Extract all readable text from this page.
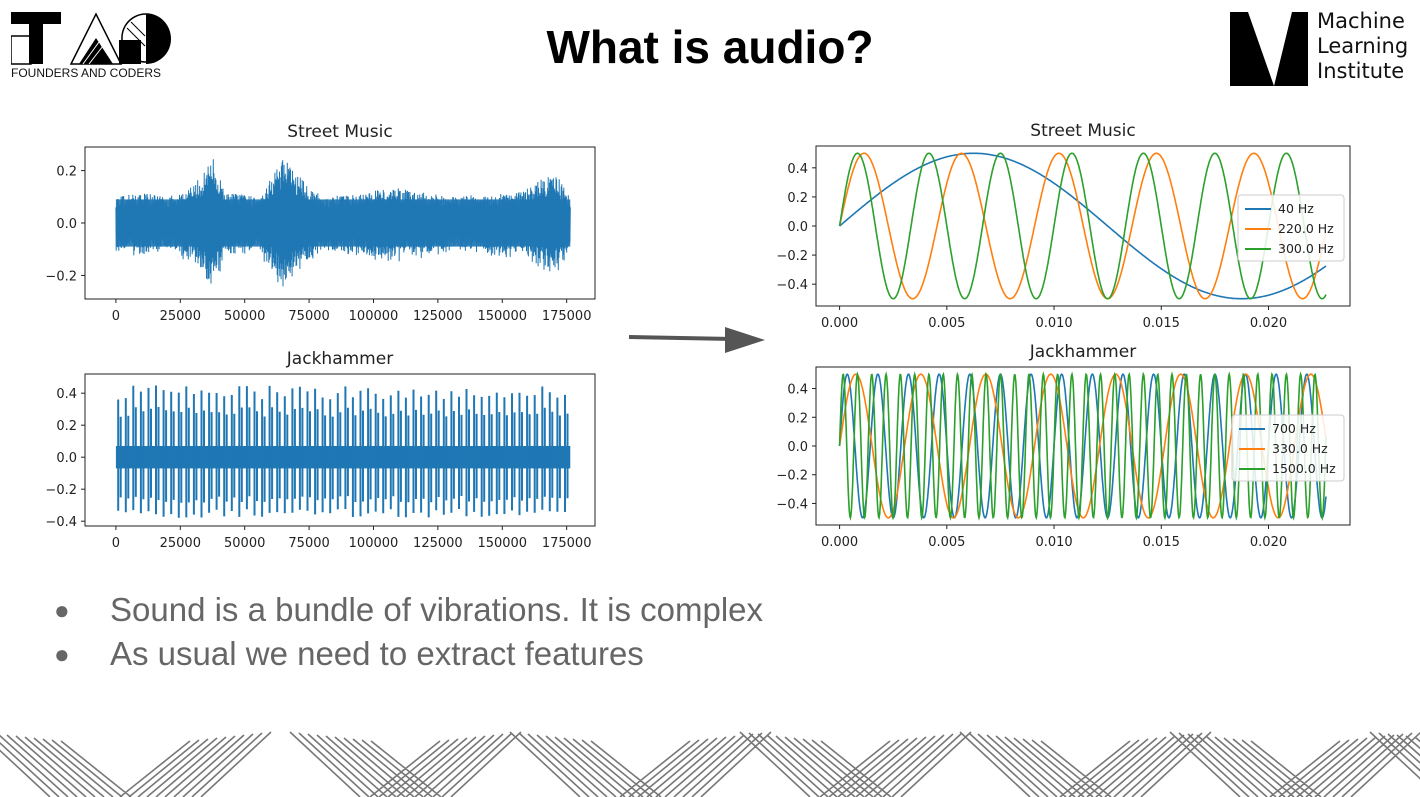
FOUNDERS AND CODERS	What is audio?	Machine
Learning
Institute
Street Music
0	25000 50000 75000 100000 125000 150000 175000
−0.2
0.0
0.2
Jackhammer
0	25000 50000 75000 100000 125000 150000 175000
−0.4
−0.2
0.0
0.2
0.4
Street Music
0.000	0.005	0.010	0.015	0.020
−0.4
−0.2
0.0
0.2
0.4
40 Hz
220.0 Hz
300.0 Hz
Jackhammer
0.000	0.005	0.010	0.015	0.020
−0.4
−0.2
0.0
0.2
0.4
700 Hz
330.0 Hz
1500.0 Hz
● Sound is a bundle of vibrations. It is complex
● As usual we need to extract features
